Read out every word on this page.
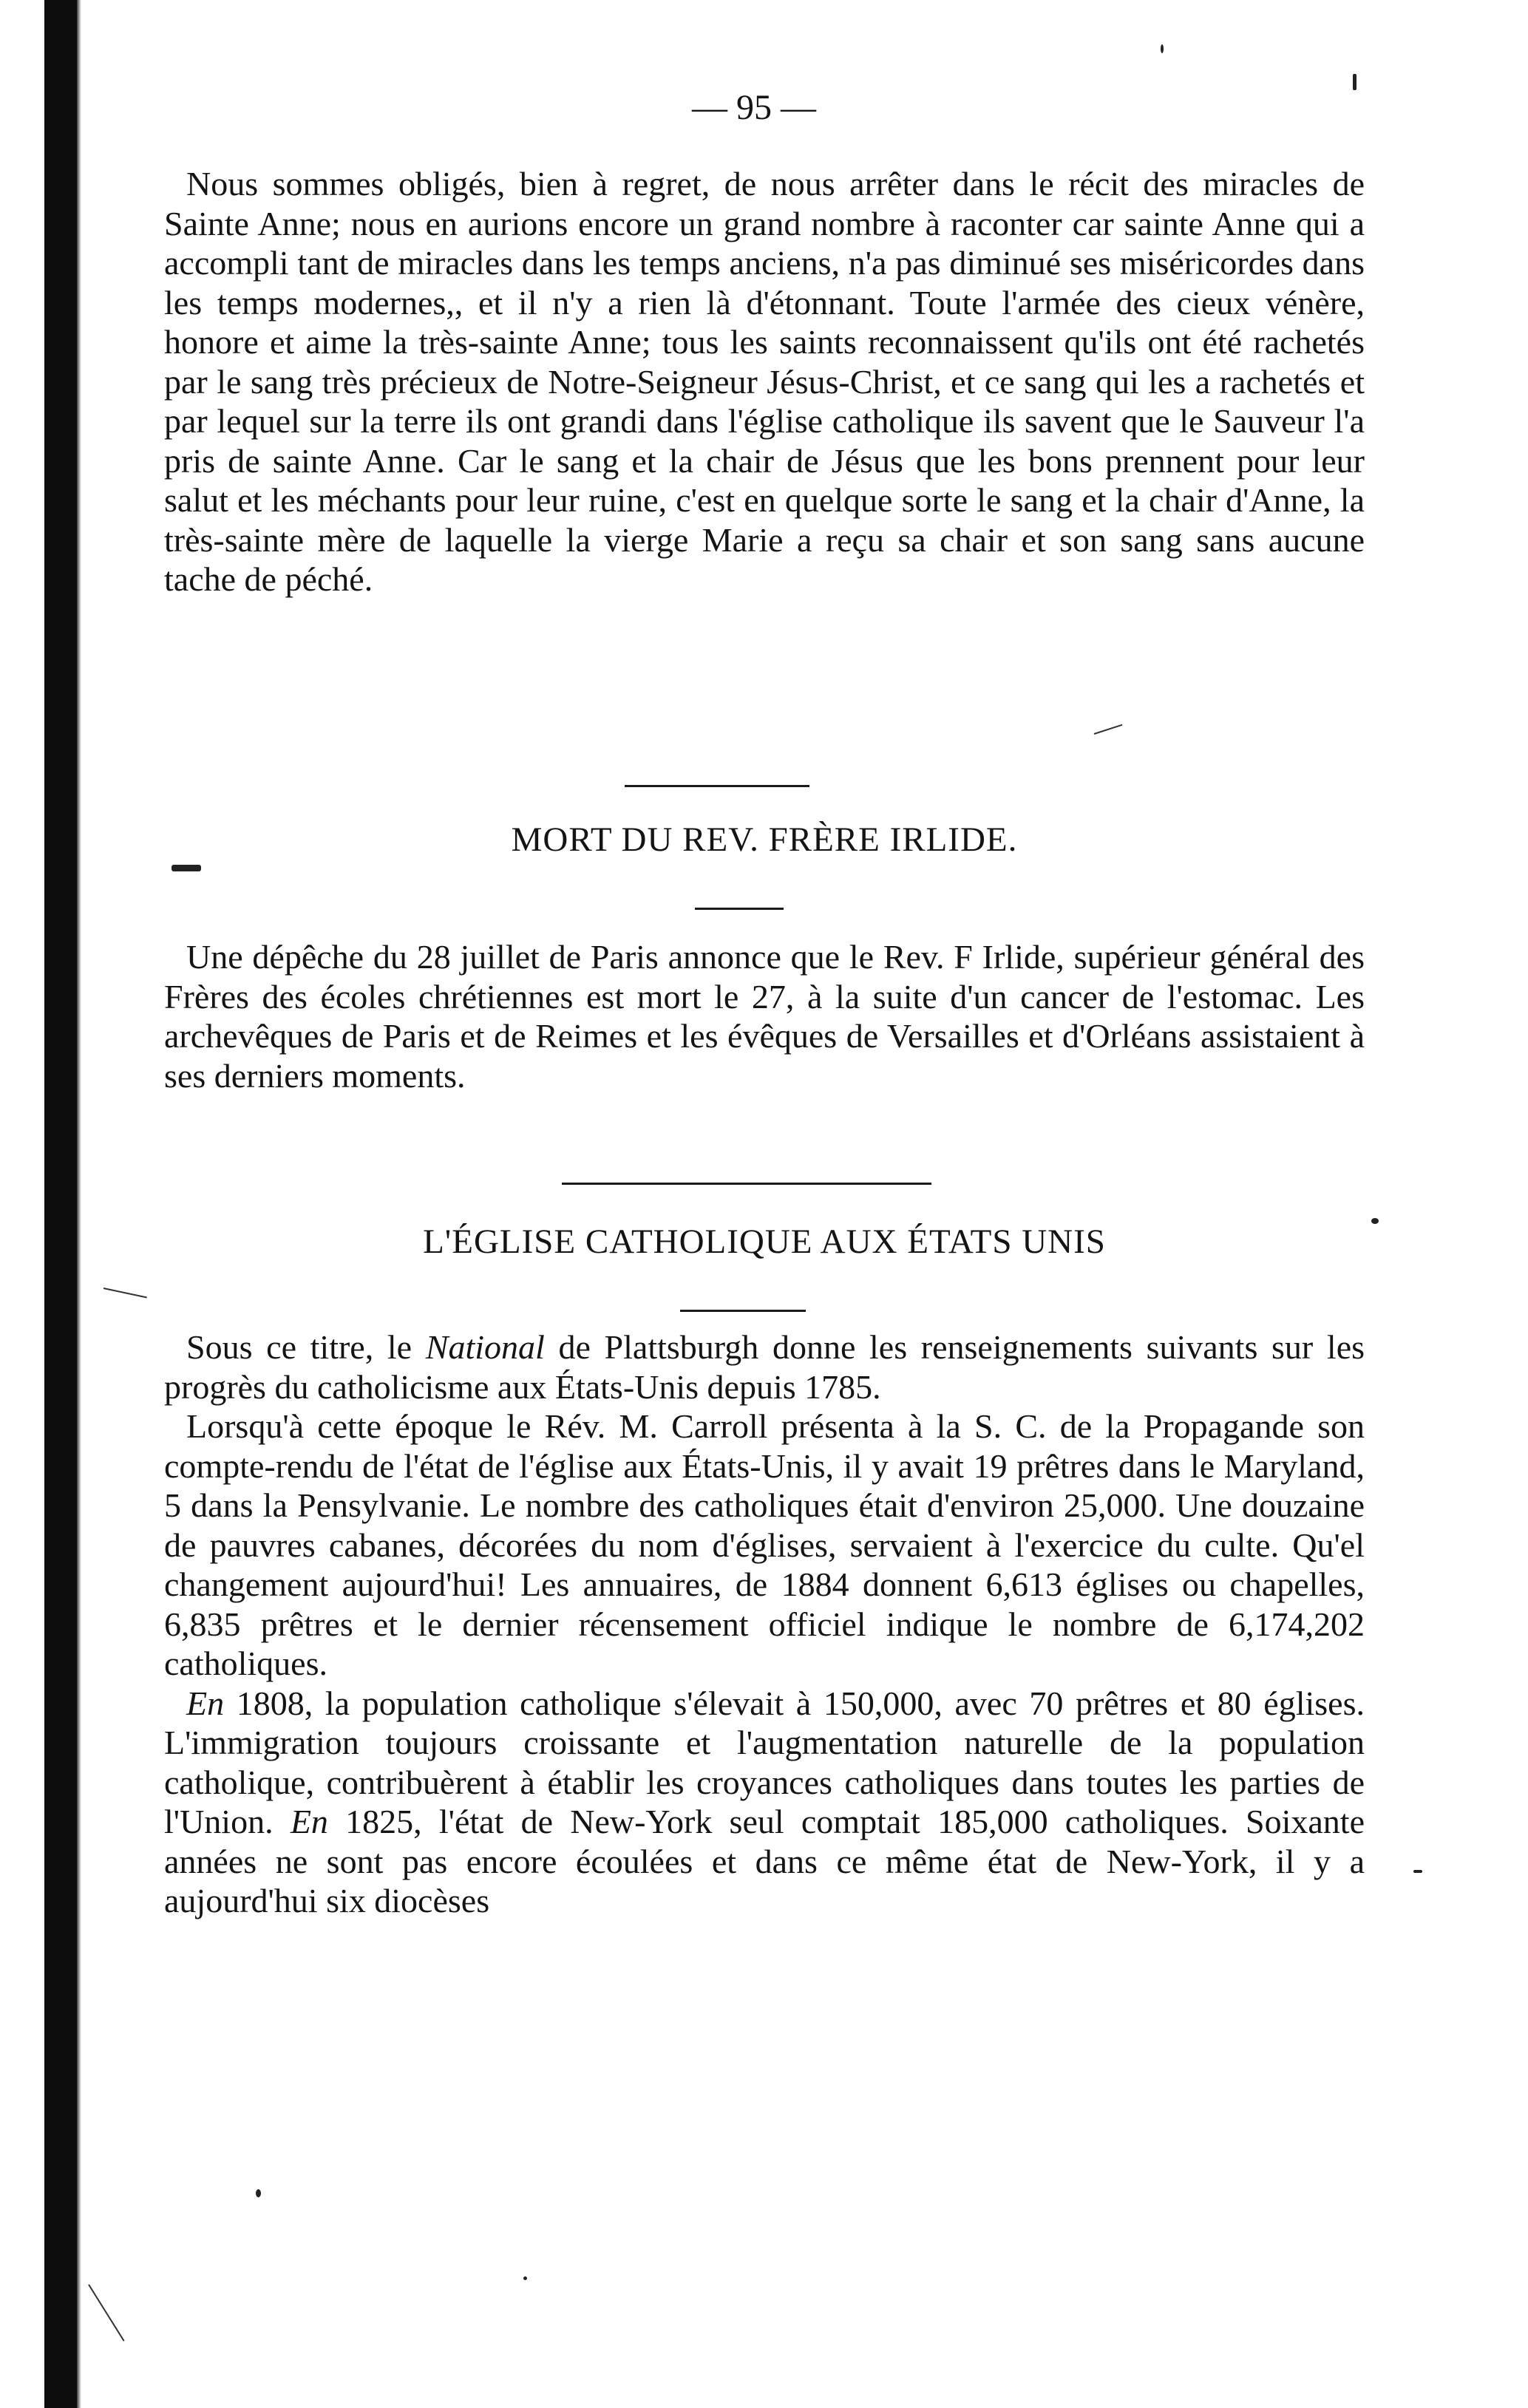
— 95 —

Nous sommes obligés, bien à regret, de nous arrêter dans le récit des miracles de Sainte Anne; nous en aurions encore un grand nombre à raconter car sainte Anne qui a accompli tant de miracles dans les temps anciens, n'a pas diminué ses miséricordes dans les temps modernes,, et il n'y a rien là d'étonnant. Toute l'armée des cieux vénère, honore et aime la très-sainte Anne; tous les saints reconnaissent qu'ils ont été rachetés par le sang très précieux de Notre-Seigneur Jésus-Christ, et ce sang qui les a rachetés et par lequel sur la terre ils ont grandi dans l'église catholique ils savent que le Sauveur l'a pris de sainte Anne. Car le sang et la chair de Jésus que les bons prennent pour leur salut et les méchants pour leur ruine, c'est en quelque sorte le sang et la chair d'Anne, la très-sainte mère de laquelle la vierge Marie a reçu sa chair et son sang sans aucune tache de péché.

MORT DU REV. FRÈRE IRLIDE.

Une dépêche du 28 juillet de Paris annonce que le Rev. F Irlide, supérieur général des Frères des écoles chrétiennes est mort le 27, à la suite d'un cancer de l'estomac. Les archevêques de Paris et de Reimes et les évêques de Versailles et d'Orléans assistaient à ses derniers moments.

L'ÉGLISE CATHOLIQUE AUX ÉTATS UNIS

Sous ce titre, le National de Plattsburgh donne les renseignements suivants sur les progrès du catholicisme aux États-Unis depuis 1785.

Lorsqu'à cette époque le Rév. M. Carroll présenta à la S. C. de la Propagande son compte-rendu de l'état de l'église aux États-Unis, il y avait 19 prêtres dans le Maryland, 5 dans la Pensylvanie. Le nombre des catholiques était d'environ 25,000. Une douzaine de pauvres cabanes, décorées du nom d'églises, servaient à l'exercice du culte. Qu'el changement aujourd'hui! Les annuaires, de 1884 donnent 6,613 églises ou chapelles, 6,835 prêtres et le dernier récensement officiel indique le nombre de 6,174,202 catholiques.

En 1808, la population catholique s'élevait à 150,000, avec 70 prêtres et 80 églises. L'immigration toujours croissante et l'augmentation naturelle de la population catholique, contribuèrent à établir les croyances catholiques dans toutes les parties de l'Union. En 1825, l'état de New-York seul comptait 185,000 catholiques. Soixante années ne sont pas encore écoulées et dans ce même état de New-York, il y a aujourd'hui six diocèses
